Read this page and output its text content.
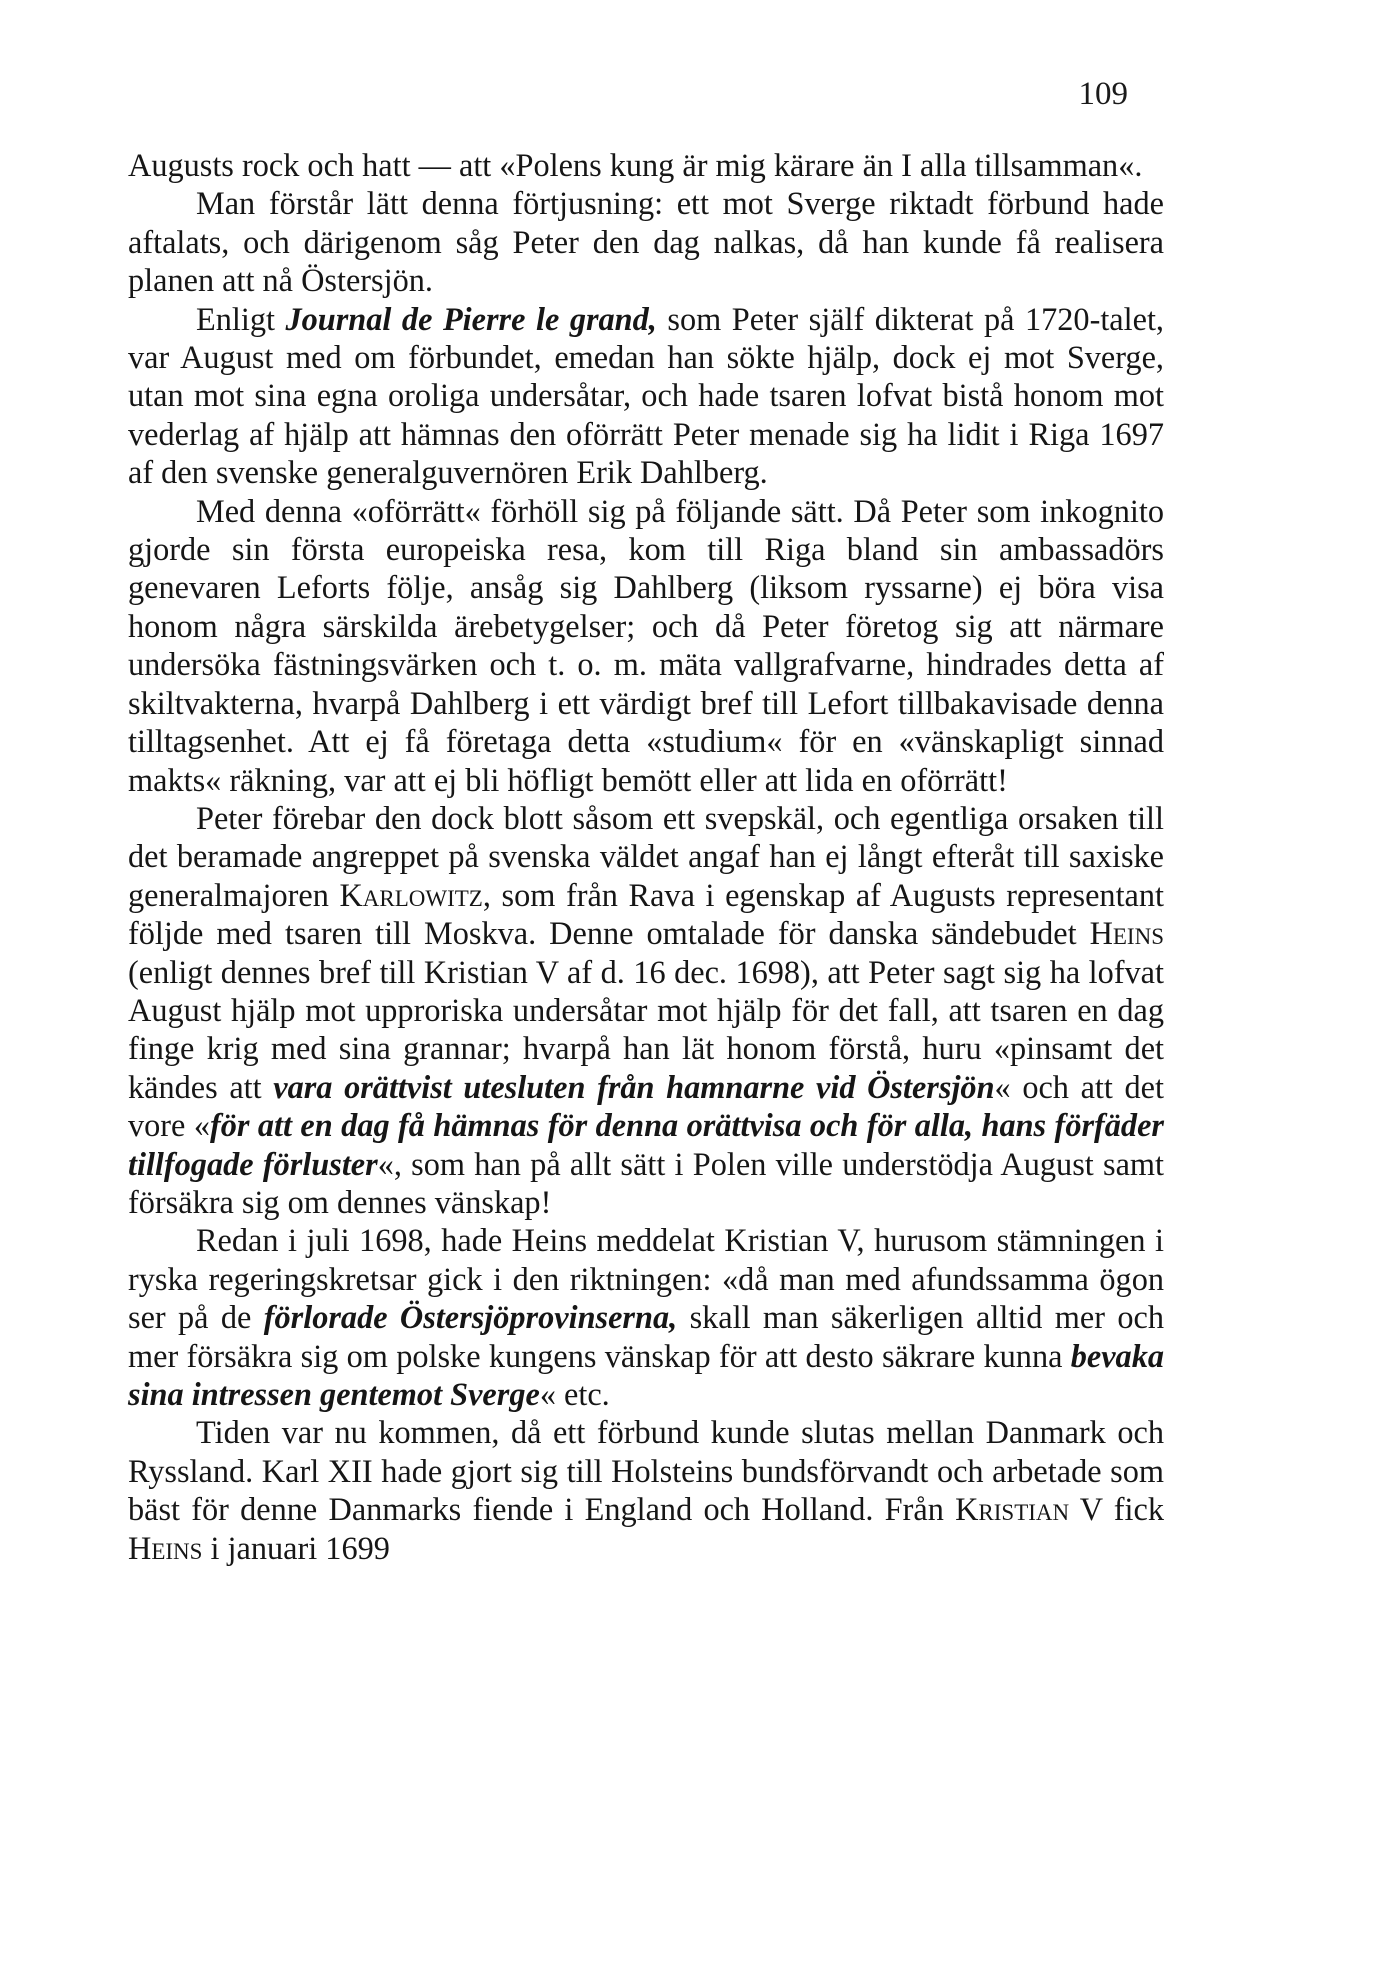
109

Augusts rock och hatt — att «Polens kung är mig kärare än I alla tillsamman«.

Man förstår lätt denna förtjusning: ett mot Sverge riktadt förbund hade aftalats, och därigenom såg Peter den dag nalkas, då han kunde få realisera planen att nå Östersjön.

Enligt Journal de Pierre le grand, som Peter själf dikterat på 1720-talet, var August med om förbundet, emedan han sökte hjälp, dock ej mot Sverge, utan mot sina egna oroliga undersåtar, och hade tsaren lofvat bistå honom mot vederlag af hjälp att hämnas den oförrätt Peter menade sig ha lidit i Riga 1697 af den svenske generalguvernören Erik Dahlberg.

Med denna «oförrätt« förhöll sig på följande sätt. Då Peter som inkognito gjorde sin första europeiska resa, kom till Riga bland sin ambassadörs genevaren Leforts följe, ansåg sig Dahlberg (liksom ryssarne) ej böra visa honom några särskilda ärebetygelser; och då Peter företog sig att närmare undersöka fästningsvärken och t. o. m. mäta vallgrafvarne, hindrades detta af skiltvakterna, hvarpå Dahlberg i ett värdigt bref till Lefort tillbakavisade denna tilltagsenhet. Att ej få företaga detta «studium« för en «vänskapligt sinnad makts« räkning, var att ej bli höfligt bemött eller att lida en oförrätt!

Peter förebar den dock blott såsom ett svepskäl, och egentliga orsaken till det beramade angreppet på svenska väldet angaf han ej långt efteråt till saxiske generalmajoren Karlowitz, som från Rava i egenskap af Augusts representant följde med tsaren till Moskva. Denne omtalade för danska sändebudet Heins (enligt dennes bref till Kristian V af d. 16 dec. 1698), att Peter sagt sig ha lofvat August hjälp mot upproriska undersåtar mot hjälp för det fall, att tsaren en dag finge krig med sina grannar; hvarpå han lät honom förstå, huru «pinsamt det kändes att vara orättvist utesluten från hamnarne vid Östersjön« och att det vore «för att en dag få hämnas för denna orättvisa och för alla, hans förfäder tillfogade förluster«, som han på allt sätt i Polen ville understödja August samt försäkra sig om dennes vänskap!

Redan i juli 1698, hade Heins meddelat Kristian V, hurusom stämningen i ryska regeringskretsar gick i den riktningen: «då man med afundssamma ögon ser på de förlorade Östersjöprovinserna, skall man säkerligen alltid mer och mer försäkra sig om polske kungens vänskap för att desto säkrare kunna bevaka sina intressen gentemot Sverge« etc.

Tiden var nu kommen, då ett förbund kunde slutas mellan Danmark och Ryssland. Karl XII hade gjort sig till Holsteins bundsförvandt och arbetade som bäst för denne Danmarks fiende i England och Holland. Från Kristian V fick Heins i januari 1699
